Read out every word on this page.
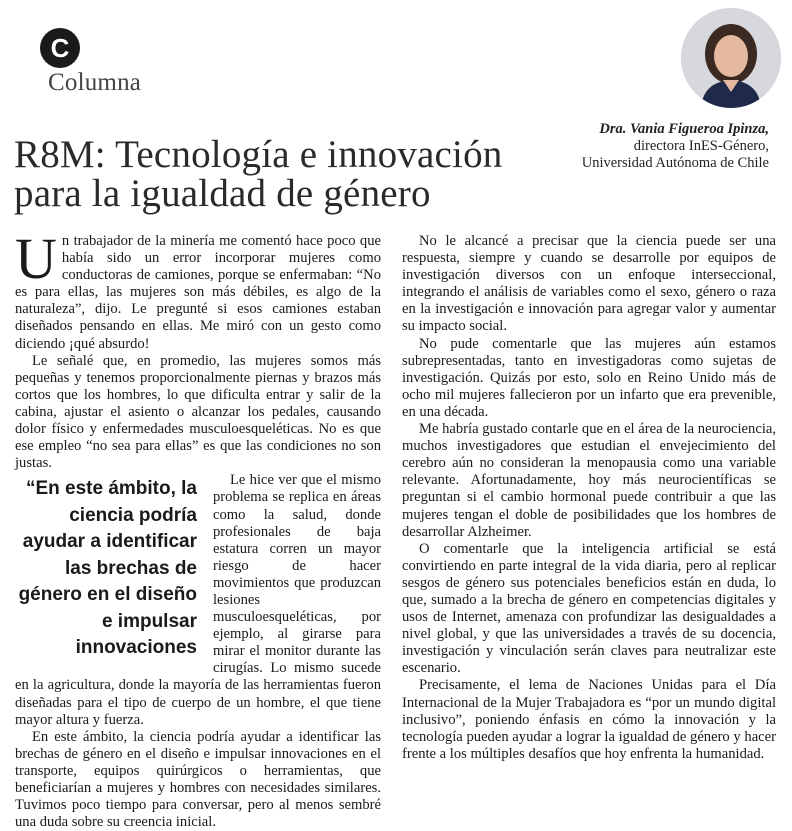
C
Columna
Dra. Vania Figueroa Ipinza,
directora InES-Género,
Universidad Autónoma de Chile
R8M: Tecnología e innovación
para la igualdad de género

Un trabajador de la minería me comentó hace poco que había sido un error incorporar mujeres como conductoras de camiones, porque se enfermaban: “No es para ellas, las mujeres son más débiles, es algo de la naturaleza”, dijo. Le pregunté si esos camiones estaban diseñados pensando en ellas. Me miró con un gesto como diciendo ¡qué absurdo!

Le señalé que, en promedio, las mujeres somos más pequeñas y tenemos proporcionalmente piernas y brazos más cortos que los hombres, lo que dificulta entrar y salir de la cabina, ajustar el asiento o alcanzar los pedales, causando dolor físico y enfermedades musculoesqueléticas. No es que ese empleo “no sea para ellas” es que las condiciones no son justas.

“En este ámbito, la ciencia podría ayudar a identificar las brechas de género en el diseño e impulsar innovaciones

Le hice ver que el mismo problema se replica en áreas como la salud, donde profesionales de baja estatura corren un mayor riesgo de hacer movimientos que produzcan lesiones musculoesqueléticas, por ejemplo, al girarse para mirar el monitor durante las cirugías. Lo mismo sucede en la agricultura, donde la mayoría de las herramientas fueron diseñadas para el tipo de cuerpo de un hombre, el que tiene mayor altura y fuerza.

En este ámbito, la ciencia podría ayudar a identificar las brechas de género en el diseño e impulsar innovaciones en el transporte, equipos quirúrgicos o herramientas, que beneficiarían a mujeres y hombres con necesidades similares. Tuvimos poco tiempo para conversar, pero al menos sembré una duda sobre su creencia inicial.

No le alcancé a precisar que la ciencia puede ser una respuesta, siempre y cuando se desarrolle por equipos de investigación diversos con un enfoque interseccional, integrando el análisis de variables como el sexo, género o raza en la investigación e innovación para agregar valor y aumentar su impacto social.

No pude comentarle que las mujeres aún estamos subrepresentadas, tanto en investigadoras como sujetas de investigación. Quizás por esto, solo en Reino Unido más de ocho mil mujeres fallecieron por un infarto que era prevenible, en una década.

Me habría gustado contarle que en el área de la neurociencia, muchos investigadores que estudian el envejecimiento del cerebro aún no consideran la menopausia como una variable relevante. Afortunadamente, hoy más neurocientíficas se preguntan si el cambio hormonal puede contribuir a que las mujeres tengan el doble de posibilidades que los hombres de desarrollar Alzheimer.

O comentarle que la inteligencia artificial se está convirtiendo en parte integral de la vida diaria, pero al replicar sesgos de género sus potenciales beneficios están en duda, lo que, sumado a la brecha de género en competencias digitales y usos de Internet, amenaza con profundizar las desigualdades a nivel global, y que las universidades a través de su docencia, investigación y vinculación serán claves para neutralizar este escenario.

Precisamente, el lema de Naciones Unidas para el Día Internacional de la Mujer Trabajadora es “por un mundo digital inclusivo”, poniendo énfasis en cómo la innovación y la tecnología pueden ayudar a lograr la igualdad de género y hacer frente a los múltiples desafíos que hoy enfrenta la humanidad.
